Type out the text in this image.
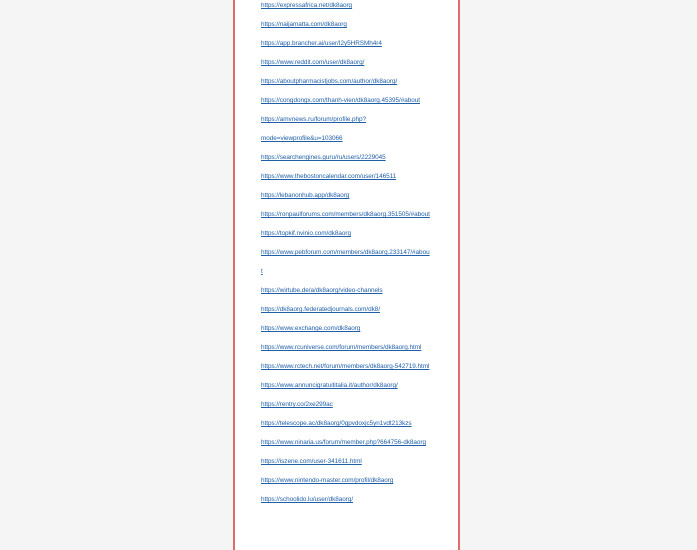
https://expressafrica.net/dk8aorg
https://naijamatta.com/dk8aorg
https://app.brancher.ai/user/I2y5HRSMh4r4
https://www.reddit.com/user/dk8aorg/
https://aboutpharmacistjobs.com/author/dk8aorg/
https://congdongx.com/thanh-vien/dk8aorg.45395/#about
https://amvnews.ru/forum/profile.php?
mode=viewprofile&u=103066
https://searchengines.guru/ru/users/2229045
https://www.thebostoncalendar.com/user/146511
https://lebanonhub.app/dk8aorg
https://ronpaulforums.com/members/dk8aorg.351505/#about
https://topkif.nvinio.com/dk8aorg
https://www.pebforum.com/members/dk8aorg.233147/#abou
t
https://wirtube.de/a/dk8aorg/video-channels
https://dk8aorg.federatedjournals.com/dk8/
https://www.exchange.com/dk8aorg
https://www.rcuniverse.com/forum/members/dk8aorg.html
https://www.rctech.net/forum/members/dk8aorg-542719.html
https://www.annuncigratuititalia.it/author/dk8aorg/
https://rentry.co/2xe299ac
https://telescope.ac/dk8aorg/0gpvdoxjc5yn1vdt213kzs
https://www.ninaria.us/forum/member.php?664756-dk8aorg
https://iszene.com/user-341611.html
https://www.nintendo-master.com/profil/dk8aorg
https://schoolido.lu/user/dk8aorg/
